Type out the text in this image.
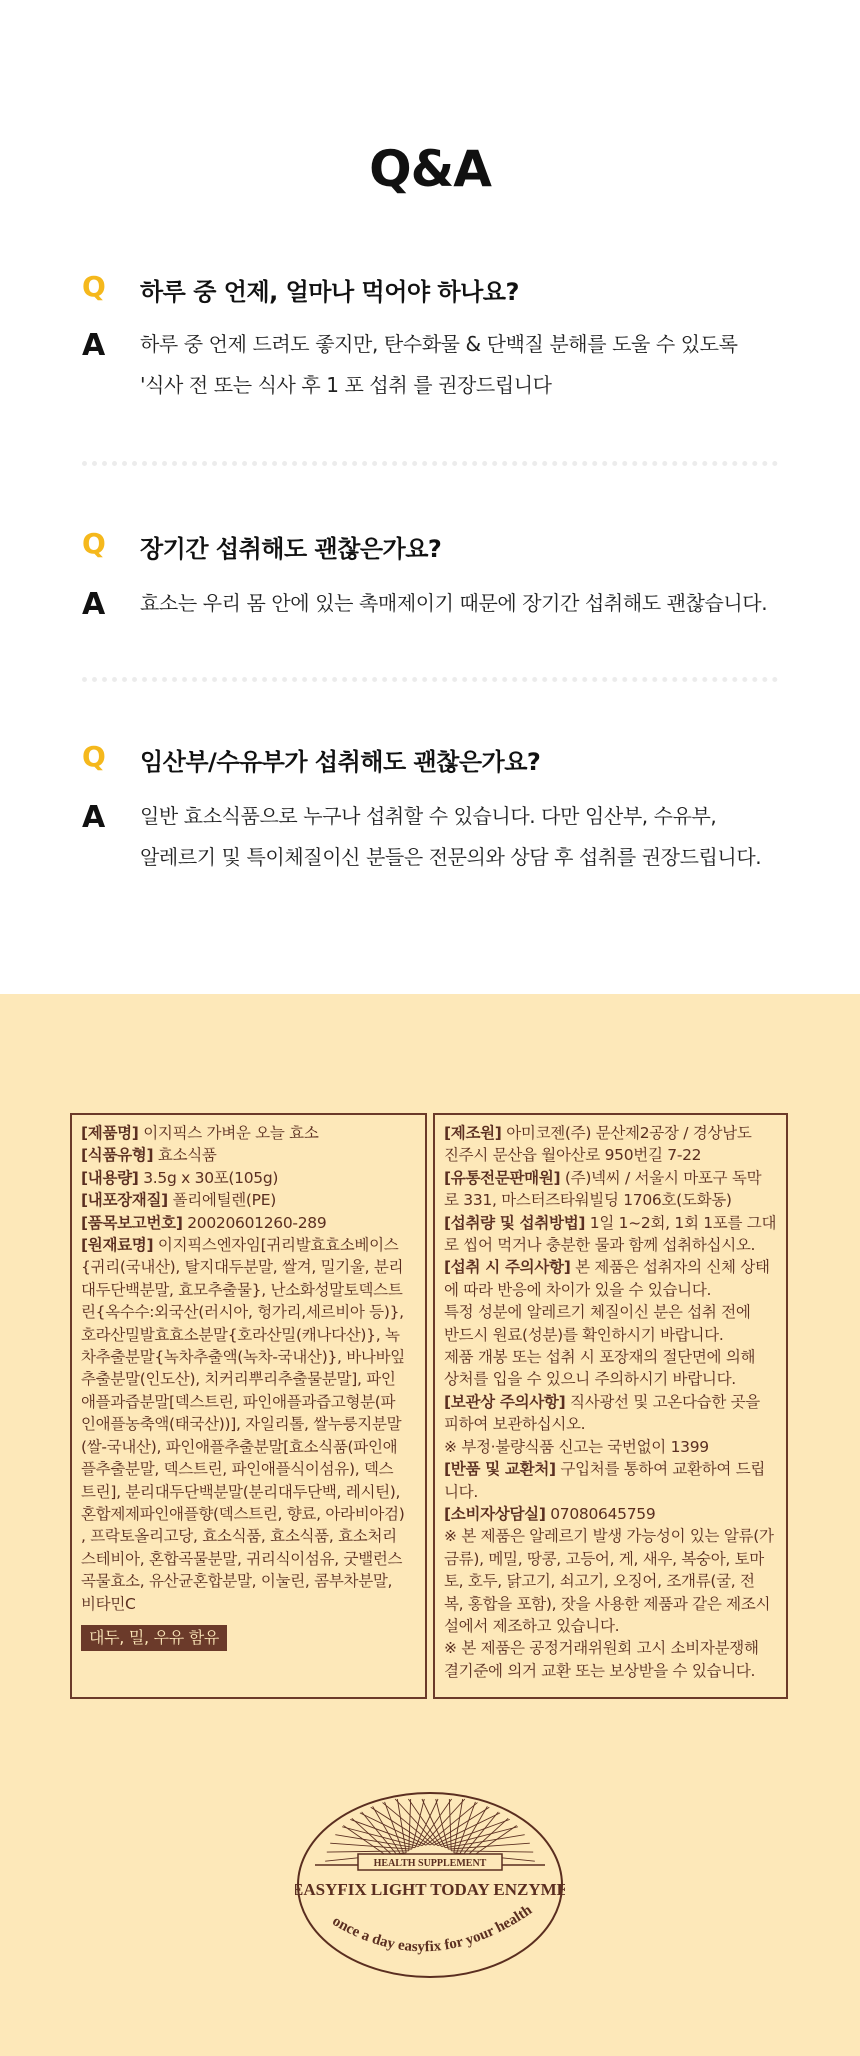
Q&A
Q 하루 중 언제, 얼마나 먹어야 하나요?
A 하루 중 언제 드려도 좋지만, 탄수화물 & 단백질 분해를 도울 수 있도록
'식사 전 또는 식사 후 1 포 섭취 를 권장드립니다
Q 장기간 섭취해도 괜찮은가요?
A 효소는 우리 몸 안에 있는 촉매제이기 때문에 장기간 섭취해도 괜찮습니다.
Q 임산부/수유부가 섭취해도 괜찮은가요?
A 일반 효소식품으로 누구나 섭취할 수 있습니다. 다만 임산부, 수유부,
알레르기 및 특이체질이신 분들은 전문의와 상담 후 섭취를 권장드립니다.
[제품명] 이지픽스 가벼운 오늘 효소
[식품유형] 효소식품
[내용량] 3.5g x 30포(105g)
[내포장재질] 폴리에틸렌(PE)
[품목보고번호] 20020601260-289
[원재료명] 이지픽스엔자임[귀리발효효소베이스
{귀리(국내산), 탈지대두분말, 쌀겨, 밀기울, 분리
대두단백분말, 효모추출물}, 난소화성말토덱스트
린{옥수수:외국산(러시아, 헝가리,세르비아 등)},
호라산밀발효효소분말{호라산밀(캐나다산)}, 녹
차추출분말{녹차추출액(녹차-국내산)}, 바나바잎
추출분말(인도산), 치커리뿌리추출물분말], 파인
애플과즙분말[덱스트린, 파인애플과즙고형분(파
인애플농축액(태국산))], 자일리톨, 쌀누룽지분말
(쌀-국내산), 파인애플추출분말[효소식품(파인애
플추출분말, 덱스트린, 파인애플식이섬유), 덱스
트린], 분리대두단백분말(분리대두단백, 레시틴),
혼합제제파인애플향(덱스트린, 향료, 아라비아검)
, 프락토올리고당, 효소식품, 효소식품, 효소처리
스테비아, 혼합곡물분말, 귀리식이섬유, 굿밸런스
곡물효소, 유산균혼합분말, 이눌린, 콤부차분말,
비타민C
대두, 밀, 우유 함유
[제조원] 아미코젠(주) 문산제2공장 / 경상남도
진주시 문산읍 월아산로 950번길 7-22
[유통전문판매원] (주)넥씨 / 서울시 마포구 독막
로 331, 마스터즈타워빌딩 1706호(도화동)
[섭취량 및 섭취방법] 1일 1~2회, 1회 1포를 그대
로 씹어 먹거나 충분한 물과 함께 섭취하십시오.
[섭취 시 주의사항] 본 제품은 섭취자의 신체 상태
에 따라 반응에 차이가 있을 수 있습니다.
특정 성분에 알레르기 체질이신 분은 섭취 전에
반드시 원료(성분)를 확인하시기 바랍니다.
제품 개봉 또는 섭취 시 포장재의 절단면에 의해
상처를 입을 수 있으니 주의하시기 바랍니다.
[보관상 주의사항] 직사광선 및 고온다습한 곳을
피하여 보관하십시오.
※ 부정·불량식품 신고는 국번없이 1399
[반품 및 교환처] 구입처를 통하여 교환하여 드립
니다.
[소비자상담실] 07080645759
※ 본 제품은 알레르기 발생 가능성이 있는 알류(가
금류), 메밀, 땅콩, 고등어, 게, 새우, 복숭아, 토마
토, 호두, 닭고기, 쇠고기, 오징어, 조개류(굴, 전
복, 홍합을 포함), 잣을 사용한 제품과 같은 제조시
설에서 제조하고 있습니다.
※ 본 제품은 공정거래위원회 고시 소비자분쟁해
결기준에 의거 교환 또는 보상받을 수 있습니다.
HEALTH SUPPLEMENT
EASYFIX LIGHT TODAY ENZYME
once a day easyfix for your health
